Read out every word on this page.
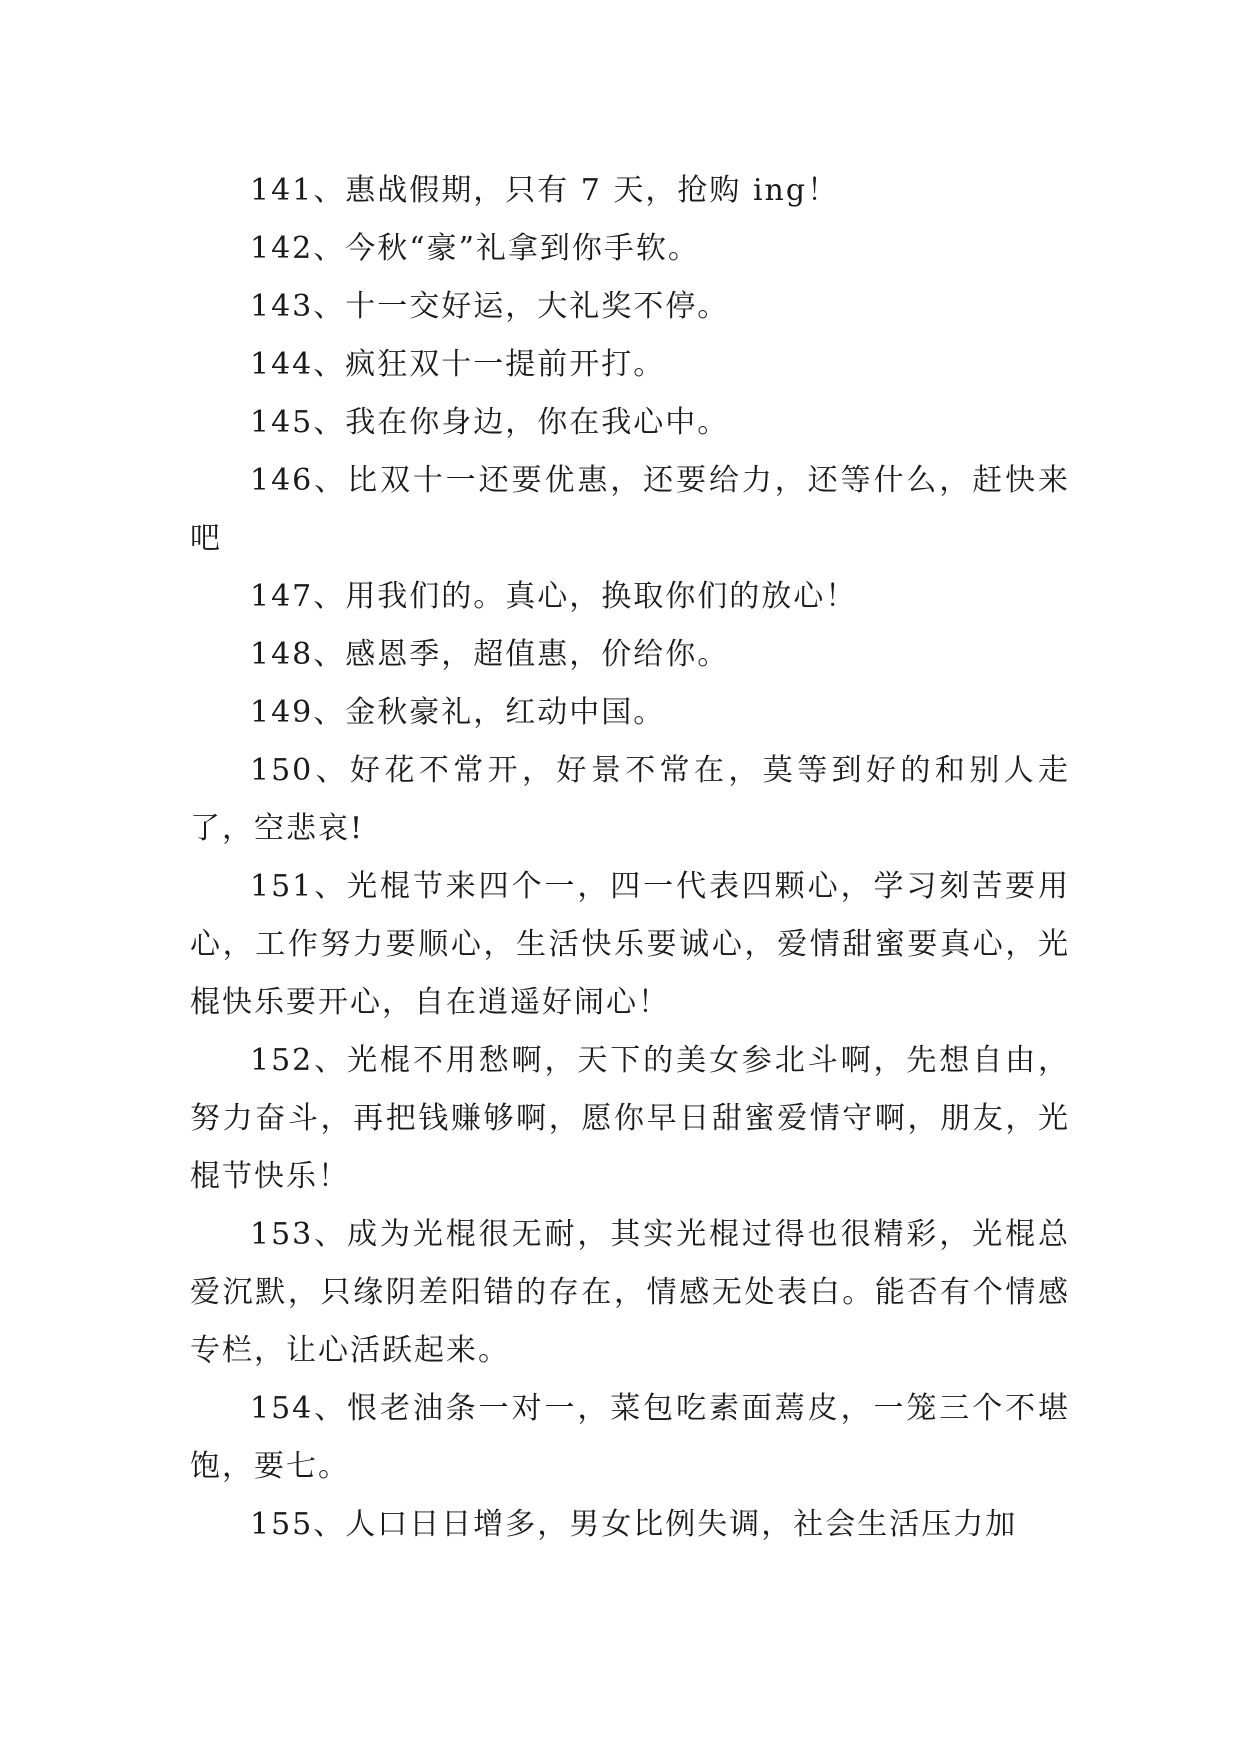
141、惠战假期，只有 7 天，抢购 ing！

142、今秋“豪”礼拿到你手软。

143、十一交好运，大礼奖不停。

144、疯狂双十一提前开打。

145、我在你身边，你在我心中。

146、比双十一还要优惠，还要给力，还等什么，赶快来吧

147、用我们的。真心，换取你们的放心！

148、感恩季，超值惠，价给你。

149、金秋豪礼，红动中国。

150、好花不常开，好景不常在，莫等到好的和别人走了，空悲哀!

151、光棍节来四个一，四一代表四颗心，学习刻苦要用心，工作努力要顺心，生活快乐要诚心，爱情甜蜜要真心，光棍快乐要开心，自在逍遥好闹心！

152、光棍不用愁啊，天下的美女参北斗啊，先想自由，努力奋斗，再把钱赚够啊，愿你早日甜蜜爱情守啊，朋友，光棍节快乐！

153、成为光棍很无耐，其实光棍过得也很精彩，光棍总爱沉默，只缘阴差阳错的存在，情感无处表白。能否有个情感专栏，让心活跃起来。

154、恨老油条一对一，菜包吃素面蔫皮，一笼三个不堪饱，要七。

155、人口日日增多，男女比例失调，社会生活压力加
